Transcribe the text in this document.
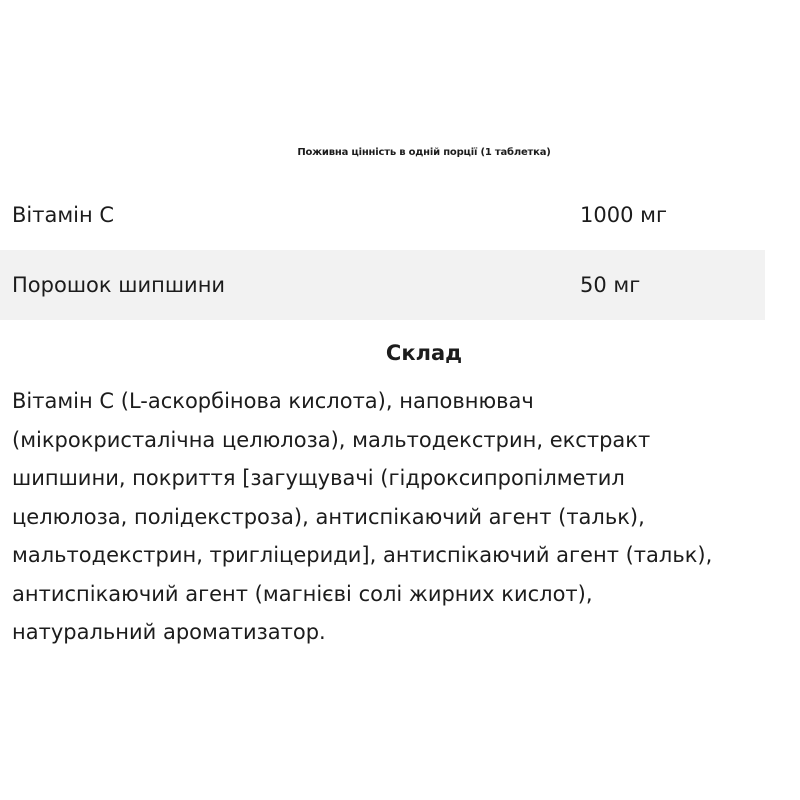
Поживна цінність в одній порції (1 таблетка)
Вітамін С	1000 мг
Порошок шипшини	50 мг
Склад
Вітамін С (L-аскорбінова кислота), наповнювач
(мікрокристалічна целюлоза), мальтодекстрин, екстракт
шипшини, покриття [загущувачі (гідроксипропілметил
целюлоза, полідекстроза), антиспікаючий агент (тальк),
мальтодекстрин, тригліцериди], антиспікаючий агент (тальк),
антиспікаючий агент (магнієві солі жирних кислот),
натуральний ароматизатор.
